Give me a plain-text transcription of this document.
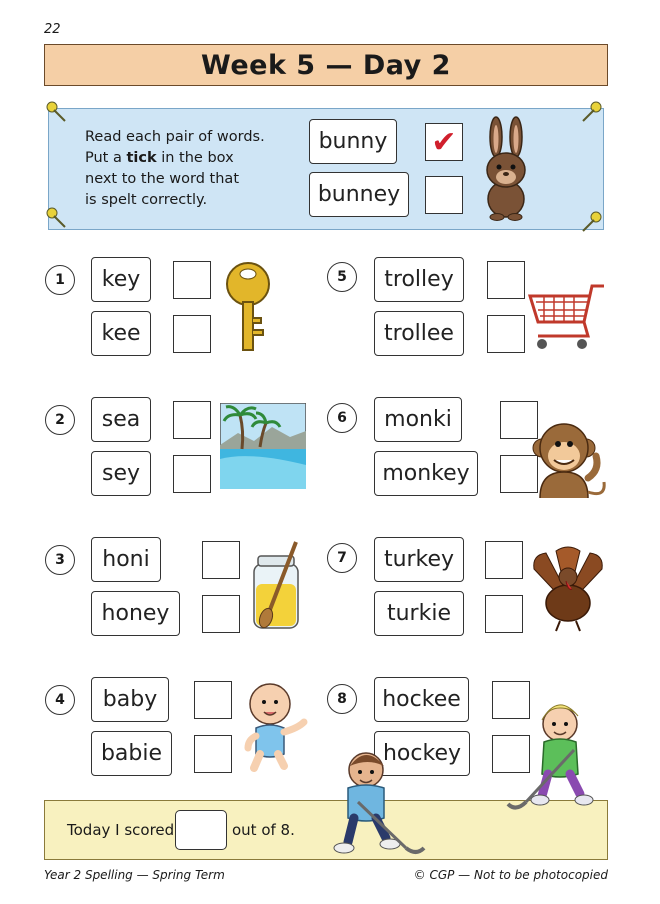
22
Week 5 — Day 2
Read each pair of words.
Put a tick in the box
next to the word that
is spelt correctly.
bunny
bunney
✔
1	key
kee
2	sea
sey
3	honi
honey
4	baby
babie
5	trolley
trollee
6	monki
monkey
7	turkey
turkie
8	hockee
hockey
Today I scored	out of 8.
Year 2 Spelling — Spring Term	© CGP — Not to be photocopied
